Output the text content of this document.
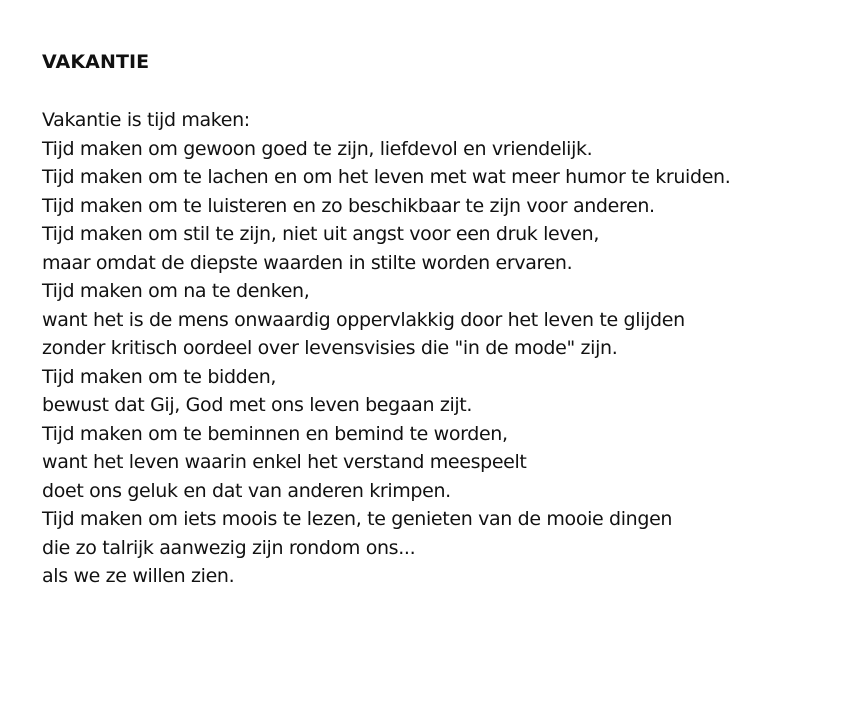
VAKANTIE
Vakantie is tijd maken:
Tijd maken om gewoon goed te zijn, liefdevol en vriendelijk.
Tijd maken om te lachen en om het leven met wat meer humor te kruiden.
Tijd maken om te luisteren en zo beschikbaar te zijn voor anderen.
Tijd maken om stil te zijn, niet uit angst voor een druk leven,
maar omdat de diepste waarden in stilte worden ervaren.
Tijd maken om na te denken,
want het is de mens onwaardig oppervlakkig door het leven te glijden
zonder kritisch oordeel over levensvisies die "in de mode" zijn.
Tijd maken om te bidden,
bewust dat Gij, God met ons leven begaan zijt.
Tijd maken om te beminnen en bemind te worden,
want het leven waarin enkel het verstand meespeelt
doet ons geluk en dat van anderen krimpen.
Tijd maken om iets moois te lezen, te genieten van de mooie dingen
die zo talrijk aanwezig zijn rondom ons...
als we ze willen zien.
